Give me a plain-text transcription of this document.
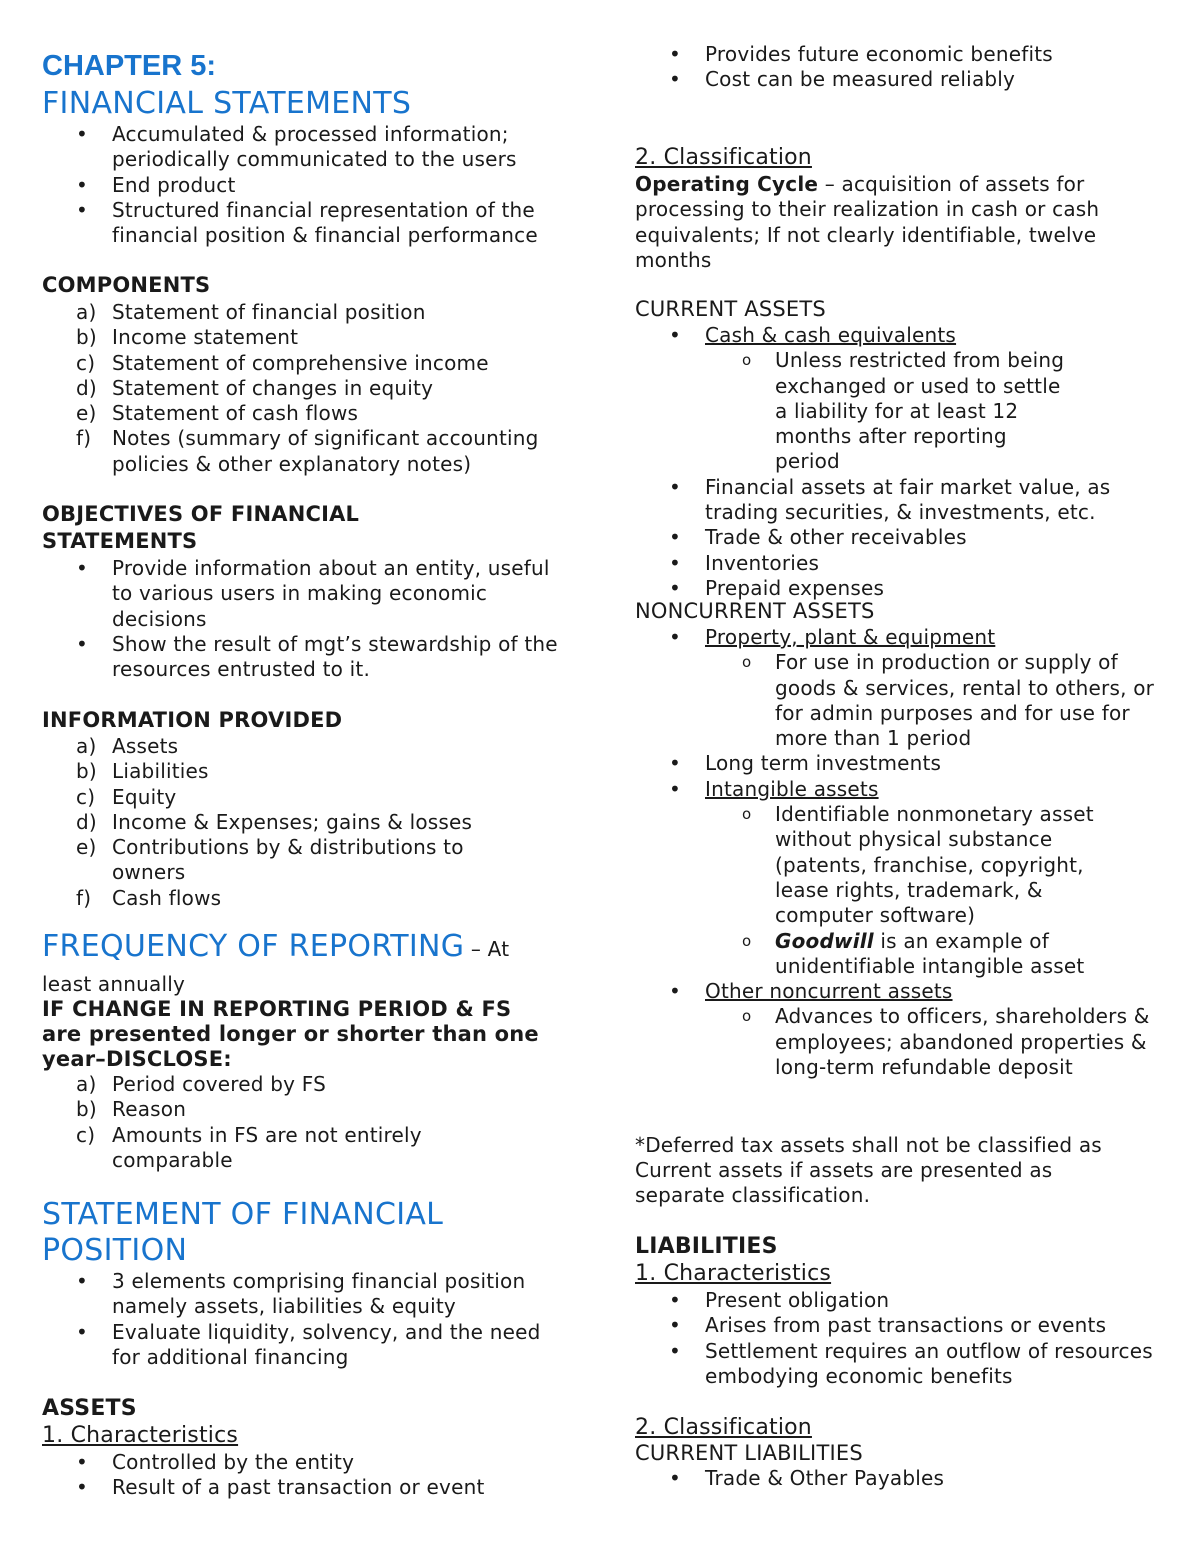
CHAPTER 5:
FINANCIAL STATEMENTS
• Accumulated & processed information; periodically communicated to the users
• End product
• Structured financial representation of the financial position & financial performance
COMPONENTS
a) Statement of financial position
b) Income statement
c) Statement of comprehensive income
d) Statement of changes in equity
e) Statement of cash flows
f) Notes (summary of significant accounting policies & other explanatory notes)
OBJECTIVES OF FINANCIAL
STATEMENTS
• Provide information about an entity, useful to various users in making economic decisions
• Show the result of mgt’s stewardship of the resources entrusted to it.
INFORMATION PROVIDED
a) Assets
b) Liabilities
c) Equity
d) Income & Expenses; gains & losses
e) Contributions by & distributions to owners
f) Cash flows
FREQUENCY OF REPORTING – At
least annually
IF CHANGE IN REPORTING PERIOD & FS
are presented longer or shorter than one
year–DISCLOSE:
a) Period covered by FS
b) Reason
c) Amounts in FS are not entirely comparable
STATEMENT OF FINANCIAL
POSITION
• 3 elements comprising financial position namely assets, liabilities & equity
• Evaluate liquidity, solvency, and the need for additional financing
ASSETS
1. Characteristics
• Controlled by the entity
• Result of a past transaction or event
• Provides future economic benefits
• Cost can be measured reliably
2. Classification
Operating Cycle – acquisition of assets for
processing to their realization in cash or cash
equivalents; If not clearly identifiable, twelve
months
CURRENT ASSETS
• Cash & cash equivalents
o Unless restricted from being exchanged or used to settle a liability for at least 12 months after reporting period
• Financial assets at fair market value, as trading securities, & investments, etc.
• Trade & other receivables
• Inventories
• Prepaid expenses
NONCURRENT ASSETS
• Property, plant & equipment
o For use in production or supply of goods & services, rental to others, or for admin purposes and for use for more than 1 period
• Long term investments
• Intangible assets
o Identifiable nonmonetary asset without physical substance (patents, franchise, copyright, lease rights, trademark, & computer software)
o Goodwill is an example of unidentifiable intangible asset
• Other noncurrent assets
o Advances to officers, shareholders & employees; abandoned properties & long-term refundable deposit
*Deferred tax assets shall not be classified as
Current assets if assets are presented as
separate classification.
LIABILITIES
1. Characteristics
• Present obligation
• Arises from past transactions or events
• Settlement requires an outflow of resources embodying economic benefits
2. Classification
CURRENT LIABILITIES
• Trade & Other Payables
